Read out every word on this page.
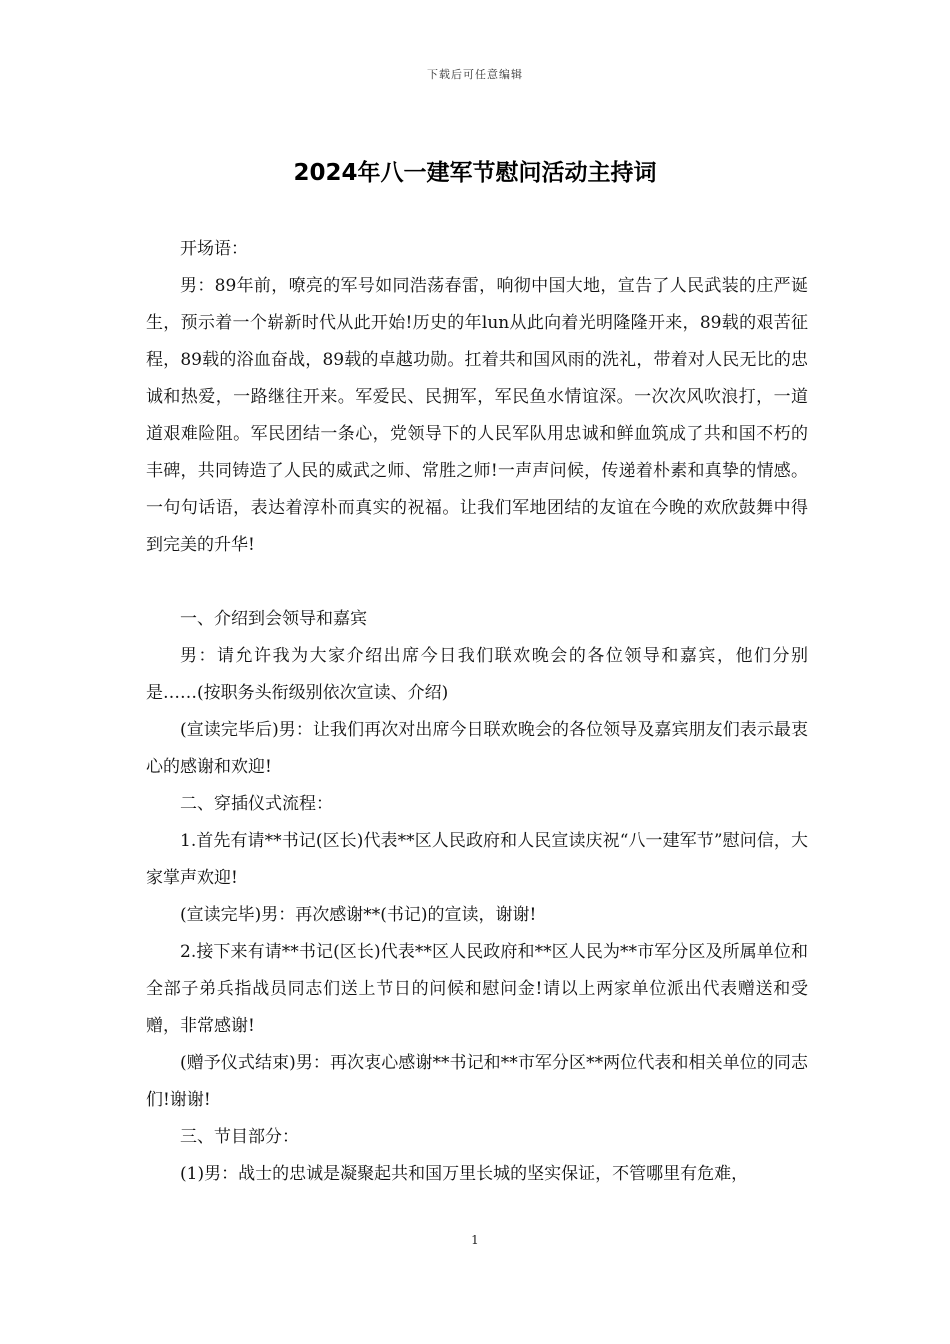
下载后可任意编辑
2024年八一建军节慰问活动主持词

开场语：

男：89年前，嘹亮的军号如同浩荡春雷，响彻中国大地，宣告了人民武装的庄严诞生，预示着一个崭新时代从此开始!历史的年lun从此向着光明隆隆开来，89载的艰苦征程，89载的浴血奋战，89载的卓越功勋。扛着共和国风雨的洗礼，带着对人民无比的忠诚和热爱，一路继往开来。军爱民、民拥军，军民鱼水情谊深。一次次风吹浪打，一道道艰难险阻。军民团结一条心，党领导下的人民军队用忠诚和鲜血筑成了共和国不朽的丰碑，共同铸造了人民的威武之师、常胜之师!一声声问候，传递着朴素和真挚的情感。一句句话语，表达着淳朴而真实的祝福。让我们军地团结的友谊在今晚的欢欣鼓舞中得到完美的升华!

一、介绍到会领导和嘉宾

男：请允许我为大家介绍出席今日我们联欢晚会的各位领导和嘉宾，他们分别是……(按职务头衔级别依次宣读、介绍)

(宣读完毕后)男：让我们再次对出席今日联欢晚会的各位领导及嘉宾朋友们表示最衷心的感谢和欢迎!

二、穿插仪式流程：

1.首先有请**书记(区长)代表**区人民政府和人民宣读庆祝“八一建军节”慰问信，大家掌声欢迎!

(宣读完毕)男：再次感谢**(书记)的宣读，谢谢!

2.接下来有请**书记(区长)代表**区人民政府和**区人民为**市军分区及所属单位和全部子弟兵指战员同志们送上节日的问候和慰问金!请以上两家单位派出代表赠送和受赠，非常感谢!

(赠予仪式结束)男：再次衷心感谢**书记和**市军分区**两位代表和相关单位的同志们!谢谢!

三、节目部分：

(1)男：战士的忠诚是凝聚起共和国万里长城的坚实保证，不管哪里有危难，

1
